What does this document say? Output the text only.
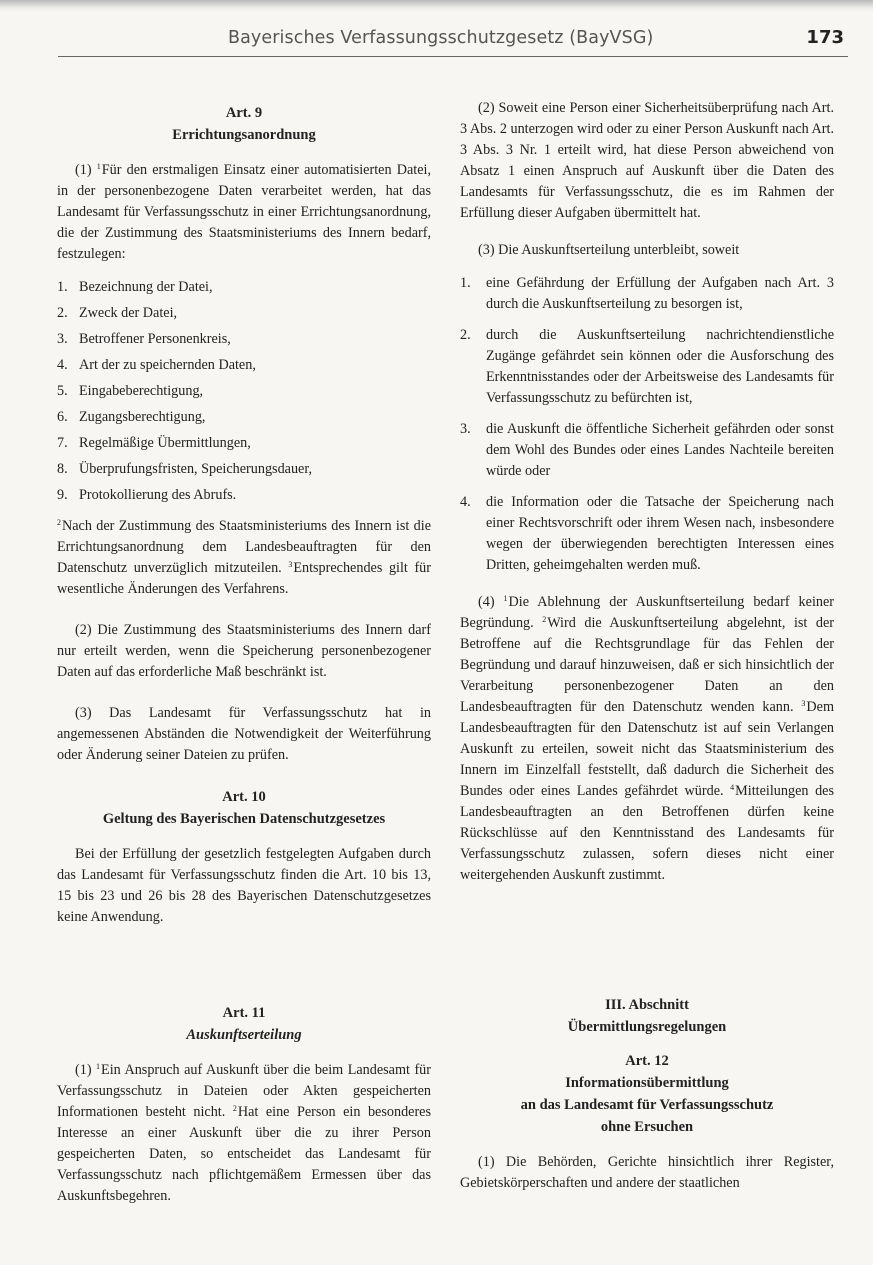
Bayerisches Verfassungsschutzgesetz (BayVSG)	173
Art. 9
Errichtungsanordnung

(1) $^1$Für den erstmaligen Einsatz einer automatisierten Datei, in der personenbezogene Daten verarbeitet werden, hat das Landesamt für Verfassungsschutz in einer Errichtungsanordnung, die der Zustimmung des Staatsministeriums des Innern bedarf, festzulegen:

1. Bezeichnung der Datei,
2. Zweck der Datei,
3. Betroffener Personenkreis,
4. Art der zu speichernden Daten,
5. Eingabeberechtigung,
6. Zugangsberechtigung,
7. Regelmäßige Übermittlungen,
8. Überprufungsfristen, Speicherungsdauer,
9. Protokollierung des Abrufs.

$^2$Nach der Zustimmung des Staatsministeriums des Innern ist die Errichtungsanordnung dem Landesbeauftragten für den Datenschutz unverzüglich mitzuteilen. $^3$Entsprechendes gilt für wesentliche Änderungen des Verfahrens.

(2) Die Zustimmung des Staatsministeriums des Innern darf nur erteilt werden, wenn die Speicherung personenbezogener Daten auf das erforderliche Maß beschränkt ist.

(3) Das Landesamt für Verfassungsschutz hat in angemessenen Abständen die Notwendigkeit der Weiterführung oder Änderung seiner Dateien zu prüfen.

Art. 10
Geltung des Bayerischen Datenschutzgesetzes

Bei der Erfüllung der gesetzlich festgelegten Aufgaben durch das Landesamt für Verfassungsschutz finden die Art. 10 bis 13, 15 bis 23 und 26 bis 28 des Bayerischen Datenschutzgesetzes keine Anwendung.

Art. 11
Auskunftserteilung

(1) $^1$Ein Anspruch auf Auskunft über die beim Landesamt für Verfassungsschutz in Dateien oder Akten gespeicherten Informationen besteht nicht. $^2$Hat eine Person ein besonderes Interesse an einer Auskunft über die zu ihrer Person gespeicherten Daten, so entscheidet das Landesamt für Verfassungsschutz nach pflichtgemäßem Ermessen über das Auskunftsbegehren.

(2) Soweit eine Person einer Sicherheitsüberprüfung nach Art. 3 Abs. 2 unterzogen wird oder zu einer Person Auskunft nach Art. 3 Abs. 3 Nr. 1 erteilt wird, hat diese Person abweichend von Absatz 1 einen Anspruch auf Auskunft über die Daten des Landesamts für Verfassungsschutz, die es im Rahmen der Erfüllung dieser Aufgaben übermittelt hat.

(3) Die Auskunftserteilung unterbleibt, soweit

1.	eine Gefährdung der Erfüllung der Aufgaben nach Art. 3 durch die Auskunftserteilung zu besorgen ist,
2.	durch die Auskunftserteilung nachrichtendienstliche Zugänge gefährdet sein können oder die Ausforschung des Erkenntnisstandes oder der Arbeitsweise des Landesamts für Verfassungsschutz zu befürchten ist,
3.	die Auskunft die öffentliche Sicherheit gefährden oder sonst dem Wohl des Bundes oder eines Landes Nachteile bereiten würde oder
4.	die Information oder die Tatsache der Speicherung nach einer Rechtsvorschrift oder ihrem Wesen nach, insbesondere wegen der überwiegenden berechtigten Interessen eines Dritten, geheimgehalten werden muß.

(4) $^1$Die Ablehnung der Auskunftserteilung bedarf keiner Begründung. $^2$Wird die Auskunftserteilung abgelehnt, ist der Betroffene auf die Rechtsgrundlage für das Fehlen der Begründung und darauf hinzuweisen, daß er sich hinsichtlich der Verarbeitung personenbezogener Daten an den Landesbeauftragten für den Datenschutz wenden kann. $^3$Dem Landesbeauftragten für den Datenschutz ist auf sein Verlangen Auskunft zu erteilen, soweit nicht das Staatsministerium des Innern im Einzelfall feststellt, daß dadurch die Sicherheit des Bundes oder eines Landes gefährdet würde. $^4$Mitteilungen des Landesbeauftragten an den Betroffenen dürfen keine Rückschlüsse auf den Kenntnisstand des Landesamts für Verfassungsschutz zulassen, sofern dieses nicht einer weitergehenden Auskunft zustimmt.

III. Abschnitt
Übermittlungsregelungen
Art. 12
Informationsübermittlung
an das Landesamt für Verfassungsschutz
ohne Ersuchen

(1) Die Behörden, Gerichte hinsichtlich ihrer Register, Gebietskörperschaften und andere der staatlichen
